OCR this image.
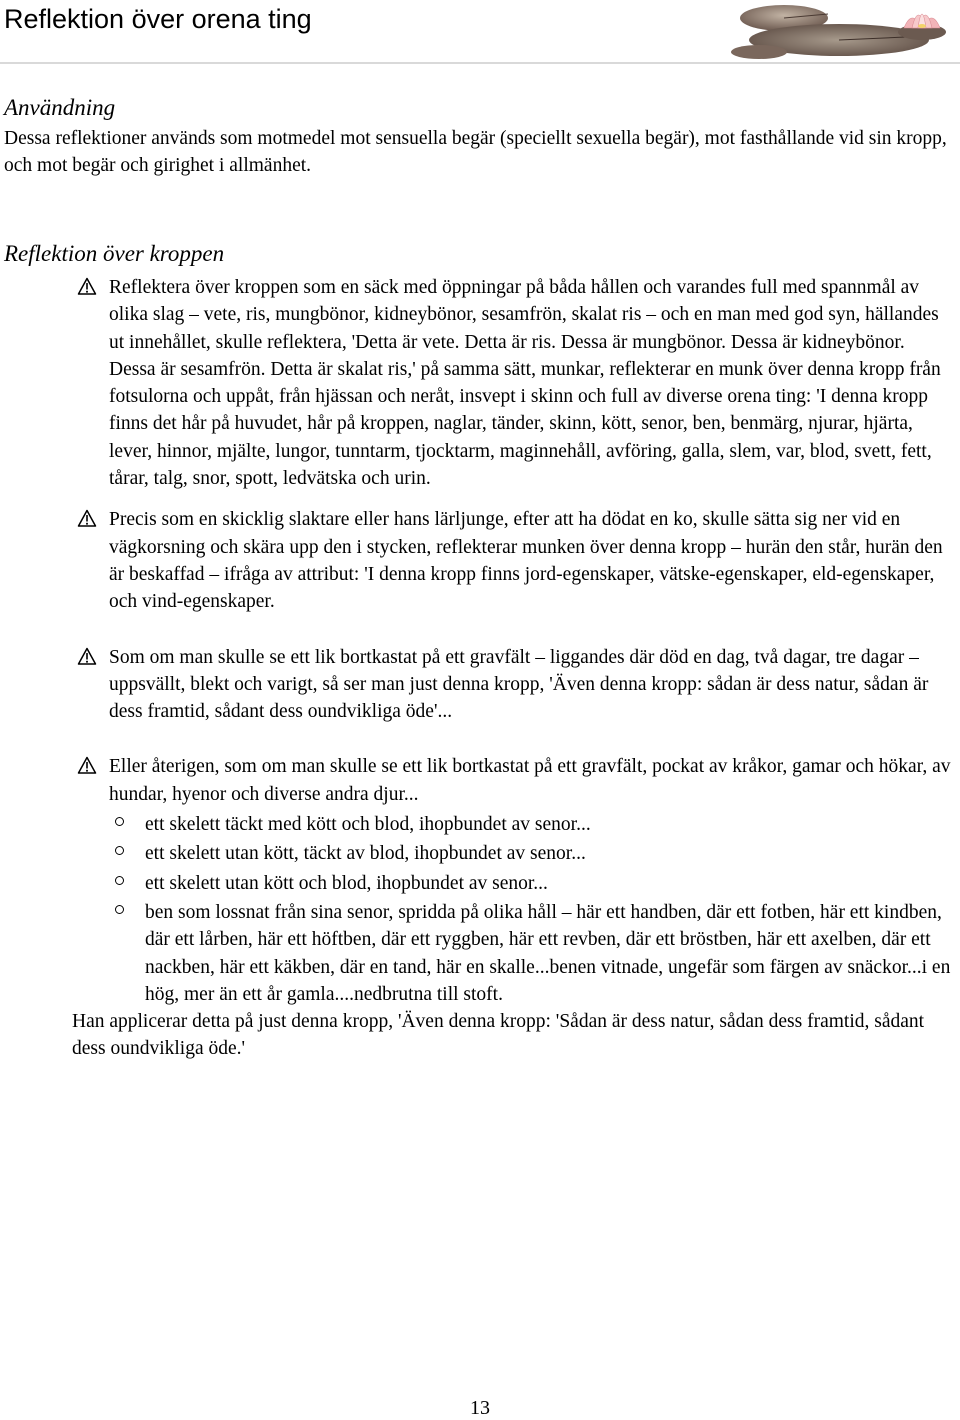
Reflektion över orena ting
Användning

Dessa reflektioner används som motmedel mot sensuella begär (speciellt sexuella begär), mot fasthållande vid sin kropp, och mot begär och girighet i allmänhet.

Reflektion över kroppen
Reflektera över kroppen som en säck med öppningar på båda hållen och varandes full med spannmål av olika slag – vete, ris, mungbönor, kidneybönor, sesamfrön, skalat ris – och en man med god syn, hällandes ut innehållet, skulle reflektera, 'Detta är vete. Detta är ris. Dessa är mungbönor. Dessa är kidneybönor. Dessa är sesamfrön. Detta är skalat ris,' på samma sätt, munkar, reflekterar en munk över denna kropp från fotsulorna och uppåt, från hjässan och neråt, insvept i skinn och full av diverse orena ting: 'I denna kropp finns det hår på huvudet, hår på kroppen, naglar, tänder, skinn, kött, senor, ben, benmärg, njurar, hjärta, lever, hinnor, mjälte, lungor, tunntarm, tjocktarm, maginnehåll, avföring, galla, slem, var, blod, svett, fett, tårar, talg, snor, spott, ledvätska och urin.
Precis som en skicklig slaktare eller hans lärljunge, efter att ha dödat en ko, skulle sätta sig ner vid en vägkorsning och skära upp den i stycken, reflekterar munken över denna kropp – hurän den står, hurän den är beskaffad – ifråga av attribut: 'I denna kropp finns jord-egenskaper, vätske-egenskaper, eld-egenskaper, och vind-egenskaper.
Som om man skulle se ett lik bortkastat på ett gravfält – liggandes där död en dag, två dagar, tre dagar – uppsvällt, blekt och varigt, så ser man just denna kropp, 'Även denna kropp: sådan är dess natur, sådan är dess framtid, sådant dess oundvikliga öde'...
Eller återigen, som om man skulle se ett lik bortkastat på ett gravfält, pockat av kråkor, gamar och hökar, av hundar, hyenor och diverse andra djur...
ett skelett täckt med kött och blod, ihopbundet av senor...
ett skelett utan kött, täckt av blod, ihopbundet av senor...
ett skelett utan kött och blod, ihopbundet av senor...
ben som lossnat från sina senor, spridda på olika håll – här ett handben, där ett fotben, här ett kindben, där ett lårben, här ett höftben, där ett ryggben, här ett revben, där ett bröstben, här ett axelben, där ett nackben, här ett käkben, där en tand, här en skalle...benen vitnade, ungefär som färgen av snäckor...i en hög, mer än ett år gamla....nedbrutna till stoft.

Han applicerar detta på just denna kropp, 'Även denna kropp: 'Sådan är dess natur, sådan dess framtid, sådant dess oundvikliga öde.'

13
